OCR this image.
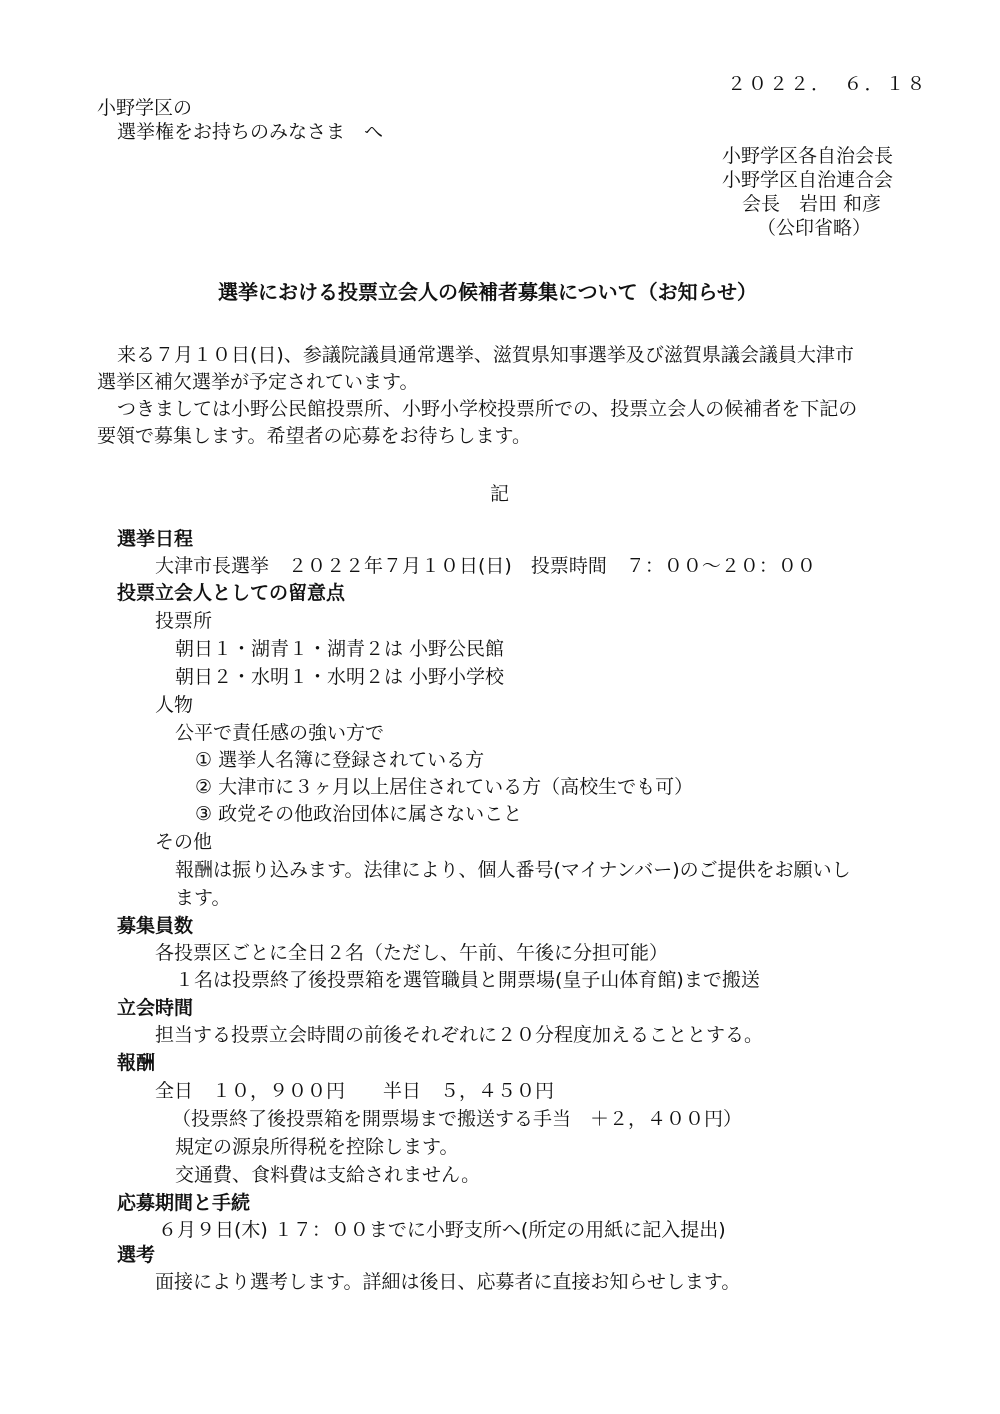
２０２２．　６．１８
小野学区の
選挙権をお持ちのみなさま　へ
小野学区各自治会長
小野学区自治連合会
会長　岩田 和彦
（公印省略）
選挙における投票立会人の候補者募集について（お知らせ）
来る７月１０日(日)、参議院議員通常選挙、滋賀県知事選挙及び滋賀県議会議員大津市
選挙区補欠選挙が予定されています。
つきましては小野公民館投票所、小野小学校投票所での、投票立会人の候補者を下記の
要領で募集します。希望者の応募をお待ちします。
記
選挙日程
大津市長選挙　２０２２年７月１０日(日)　投票時間　７：００～２０：００
投票立会人としての留意点
投票所
朝日１・湖青１・湖青２は 小野公民館
朝日２・水明１・水明２は 小野小学校
人物
公平で責任感の強い方で
① 選挙人名簿に登録されている方
② 大津市に３ヶ月以上居住されている方（高校生でも可）
③ 政党その他政治団体に属さないこと
その他
報酬は振り込みます。法律により、個人番号(マイナンバー)のご提供をお願いし
ます。
募集員数
各投票区ごとに全日２名（ただし、午前、午後に分担可能）
１名は投票終了後投票箱を選管職員と開票場(皇子山体育館)まで搬送
立会時間
担当する投票立会時間の前後それぞれに２０分程度加えることとする。
報酬
全日　１０，９００円　　半日　５，４５０円
（投票終了後投票箱を開票場まで搬送する手当　＋２，４００円）
規定の源泉所得税を控除します。
交通費、食料費は支給されません。
応募期間と手続
６月９日(木) １７：００までに小野支所へ(所定の用紙に記入提出)
選考
面接により選考します。詳細は後日、応募者に直接お知らせします。
